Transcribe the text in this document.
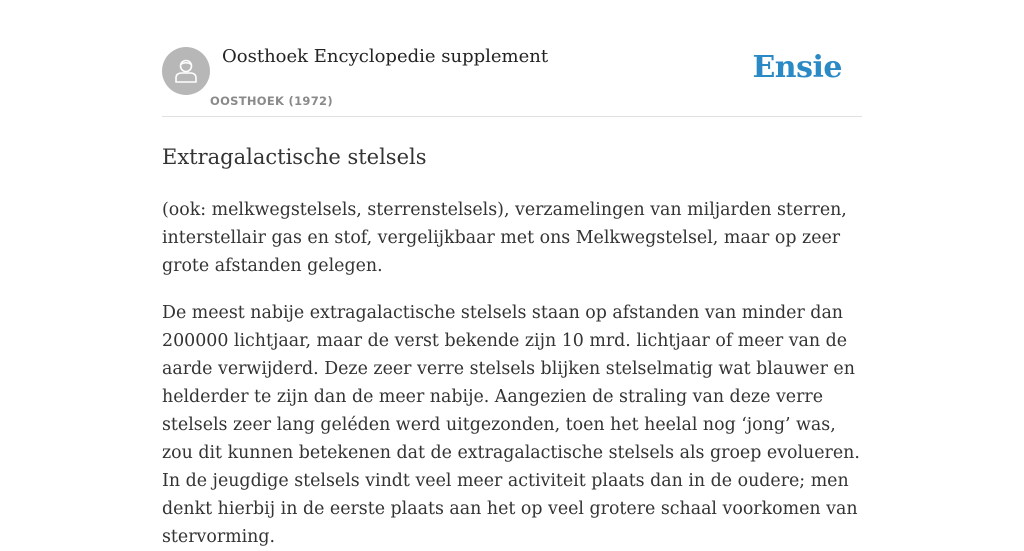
Oosthoek Encyclopedie supplement
OOSTHOEK (1972)
Ensie
Extragalactische stelsels

(ook: melkwegstelsels, sterrenstelsels), verzamelingen van miljarden sterren, interstellair gas en stof, vergelijkbaar met ons Melkwegstelsel, maar op zeer grote afstanden gelegen.

De meest nabije extragalactische stelsels staan op afstanden van minder dan 200000 lichtjaar, maar de verst bekende zijn 10 mrd. lichtjaar of meer van de aarde verwijderd. Deze zeer verre stelsels blijken stelselmatig wat blauwer en helderder te zijn dan de meer nabije. Aangezien de straling van deze verre stelsels zeer lang geléden werd uitgezonden, toen het heelal nog ‘jong’ was, zou dit kunnen betekenen dat de extragalactische stelsels als groep evolueren. In de jeugdige stelsels vindt veel meer activiteit plaats dan in de oudere; men denkt hierbij in de eerste plaats aan het op veel grotere schaal voorkomen van stervorming.
